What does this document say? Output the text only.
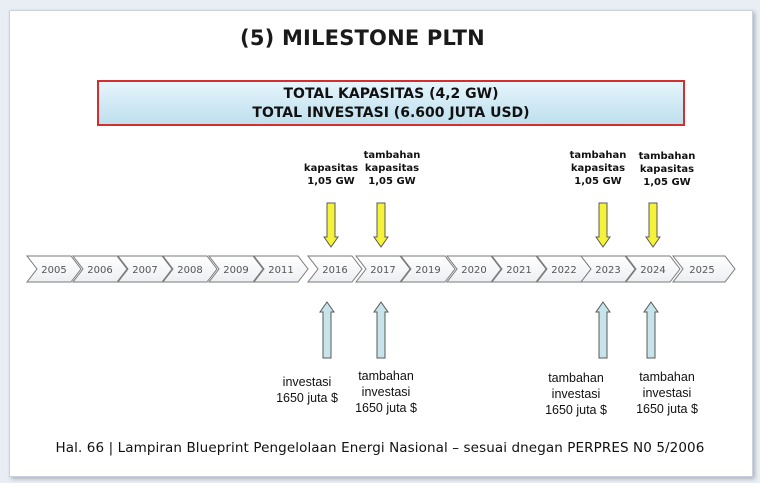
(5) MILESTONE PLTN
TOTAL KAPASITAS (4,2 GW)
TOTAL INVESTASI (6.600 JUTA USD)
kapasitas
1,05 GW
tambahan
kapasitas
1,05 GW
tambahan
kapasitas
1,05 GW
tambahan
kapasitas
1,05 GW
investasi
1650 juta $
tambahan
investasi
1650 juta $
tambahan
investasi
1650 juta $
tambahan
investasi
1650 juta $
2005 2006 2007 2008 2009 2011	2016 2017 2019 2020 2021 2022 2023 2024 2025
Hal. 66 | Lampiran Blueprint Pengelolaan Energi Nasional – sesuai dnegan PERPRES N0 5/2006
